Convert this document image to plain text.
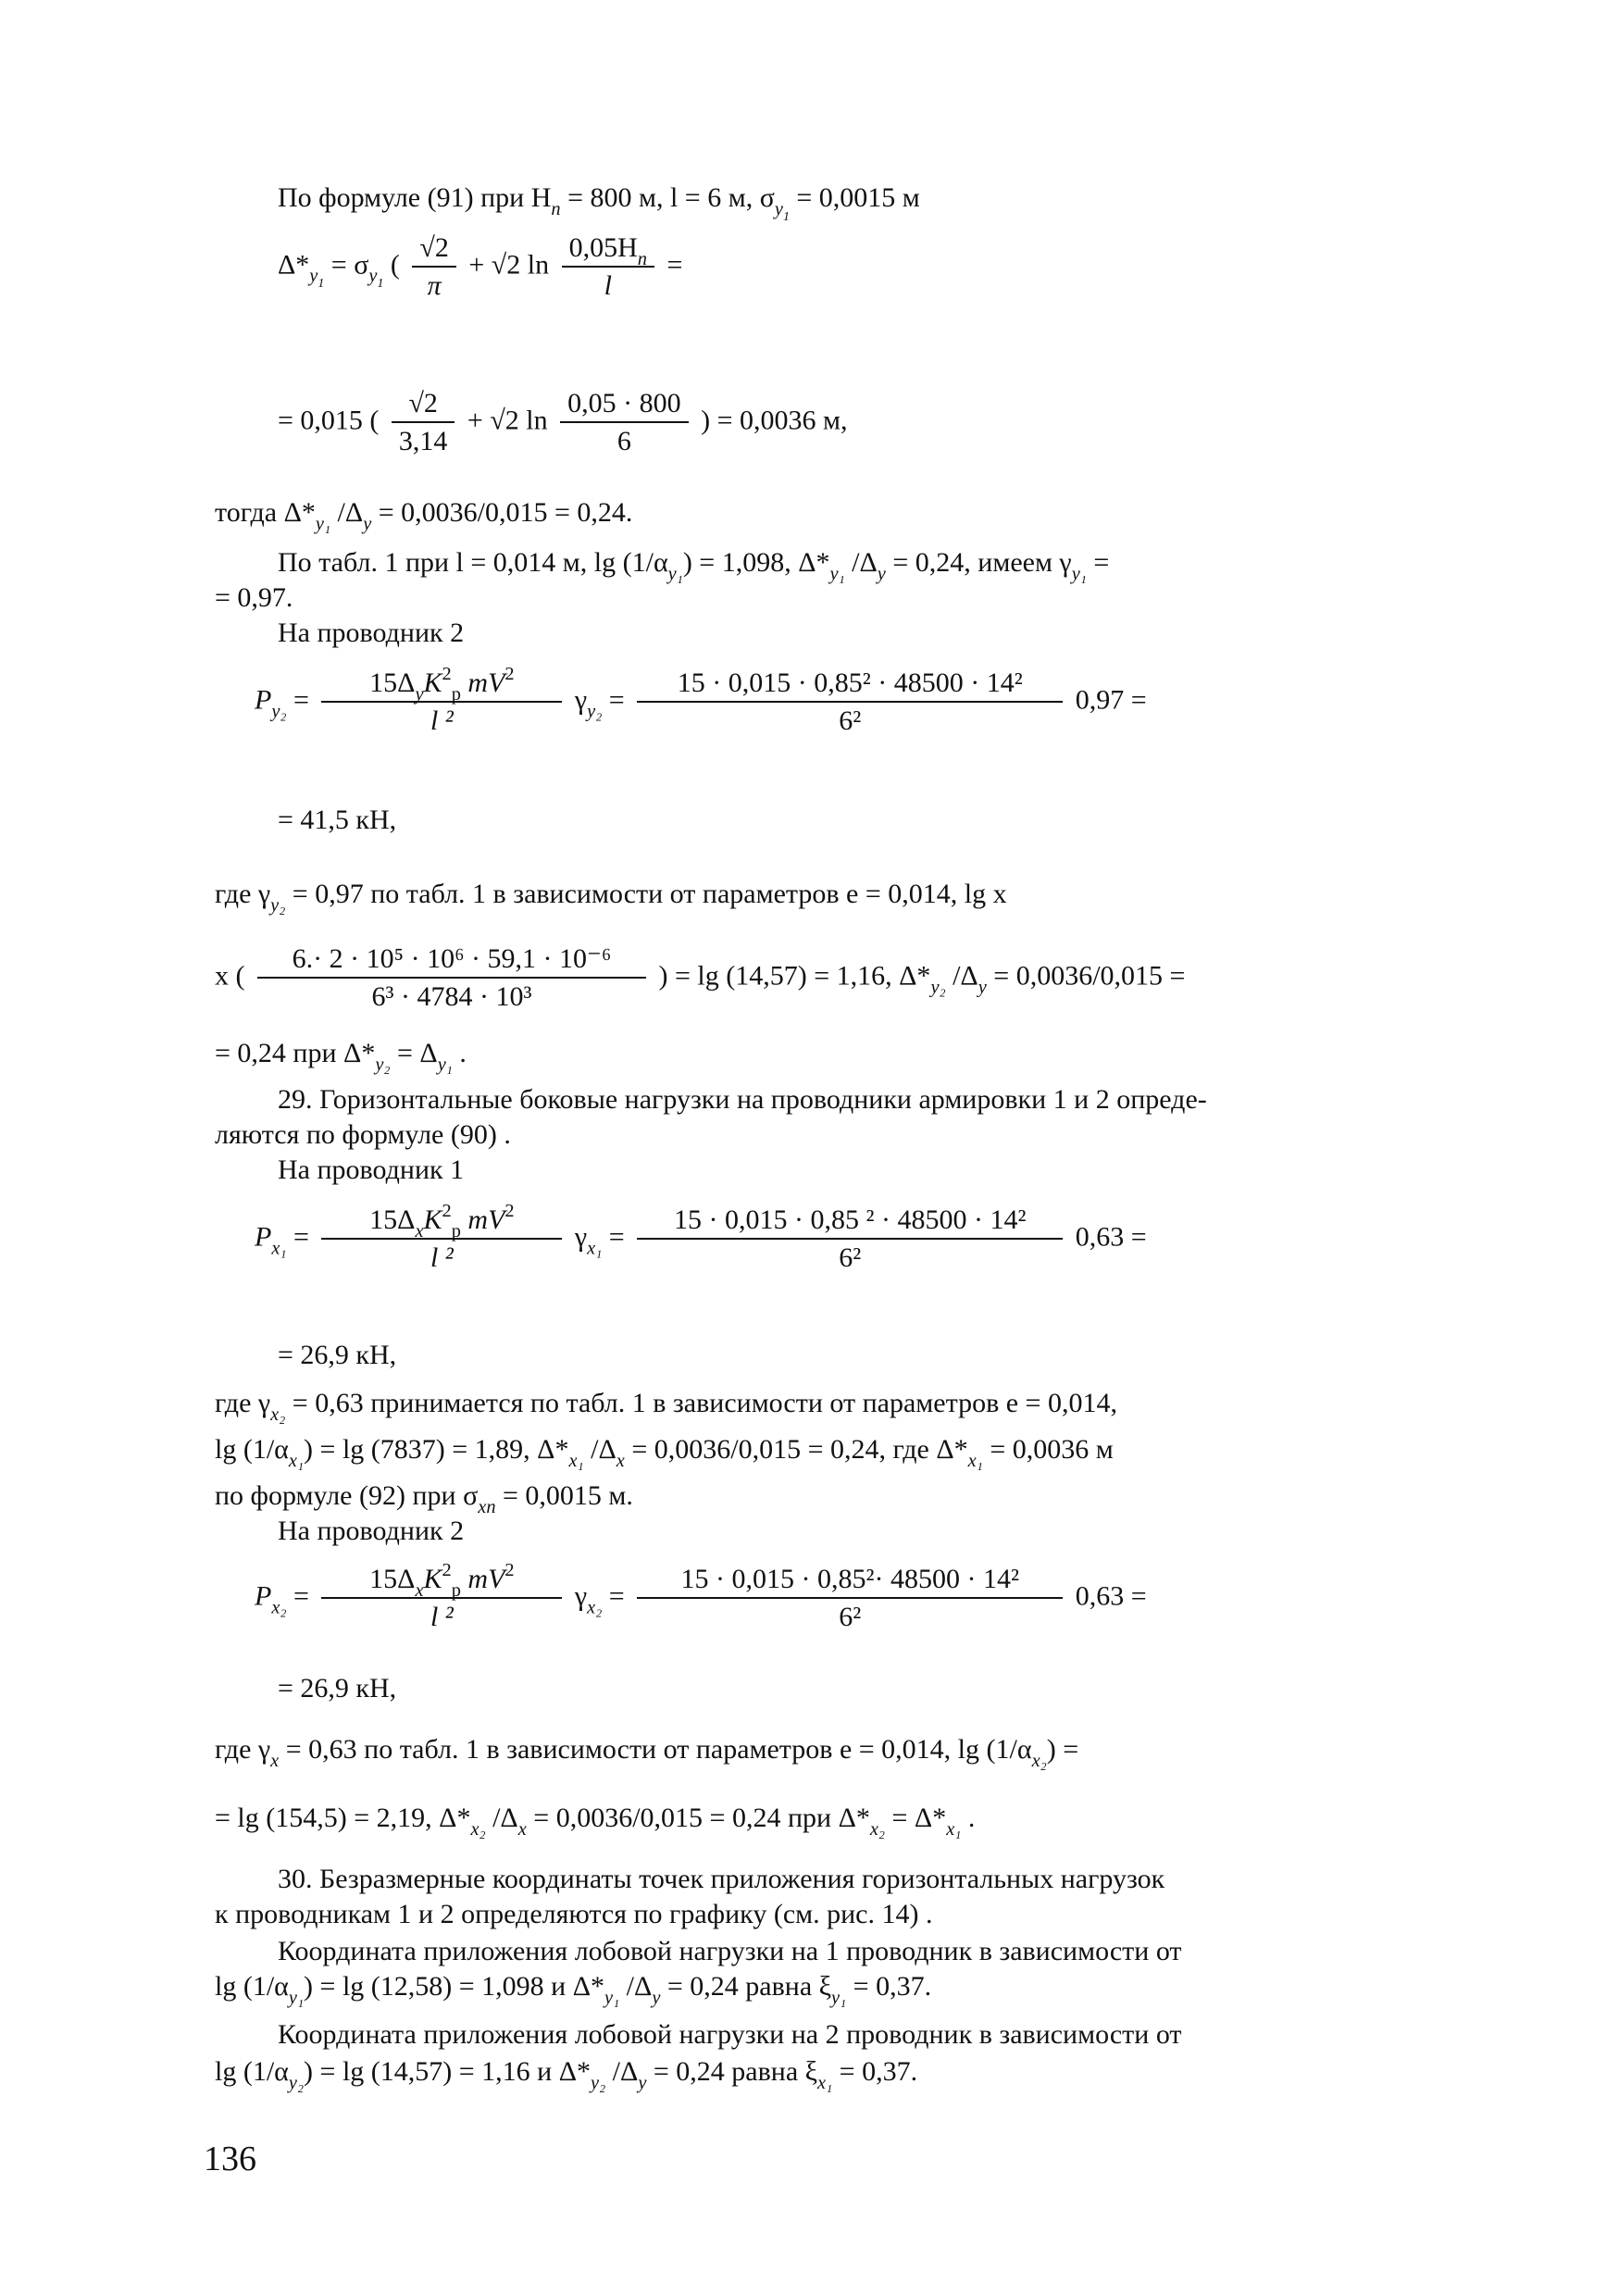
По формуле (91) при $H_n = 800$ м, l = 6 м, $\sigma_{y_1} = 0,0015$ м
$\Delta*_{y_1} = \sigma_{y_1}$ ( $\frac{√2}{\pi} + √2$ $\ln \frac{0,05H_n}{l}$ =
= 0,015 ( $\frac{√2}{3,14} + √2$ $\ln \frac{0,05 \cdot 800}{6}$ ) = 0,0036 м,
тогда $\Delta*_{y_1}$ $/\Delta_y = 0,0036/0,015 = 0,24$.
По табл. 1 при l = 0,014 м, $\lg (1/\alpha_{y_1}) = 1,098$, $\Delta*_{y_1}$ $/\Delta_y = 0,24$, имеем $\gamma_{y_1}$ =
= 0,97.
На проводник 2
$P_{y_2} = \frac{15\Delta_yK^2_p mV^2}{\text{l ²}} \gamma_{y_2} = \frac{\text{15 · 0,015 · 0,85² · 48500 · 14²}}{\text{6²}} 0,97$ =
= 41,5 кН,
где $\gamma_{y_2} = 0,97$ по табл. 1 в зависимости от параметров e = 0,014, lg x
x ( $\frac{\text{6.· 2 · 10⁵ · 10⁶ · 59,1 · 10⁻⁶}}{\text{6³ · 4784 · 10³}}$ ) = lg (14,57) = 1,16, $\Delta*_{y_2}$ $/\Delta_y = 0,0036/0,015$ =
= 0,24 при $\Delta*_{y_2} = \Delta_{y_1}$ .
29. Горизонтальные боковые нагрузки на проводники армировки 1 и 2 опреде-
ляются по формуле (90) .
На проводник 1
$P_{x_1} = \frac{15\Delta_xK^2_p mV^2}{\text{l ²}} \gamma_{x_1} = \frac{\text{15 · 0,015 · 0,85 ² · 48500 · 14²}}{\text{6²}} 0,63$ =
= 26,9 кН,
где $\gamma_{x_2} = 0,63$ принимается по табл. 1 в зависимости от параметров e = 0,014,
$\lg (1/\alpha_{x_1}) = \lg (7837) = 1,89$, $\Delta*_{x_1}$ $/\Delta_x = 0,0036/0,015 = 0,24$, где $\Delta*_{x_1} = 0,0036$ м
по формуле (92) при $\sigma_{xn} = 0,0015$ м.
На проводник 2
$P_{x_2} = \frac{15\Delta_xK^2_p mV^2}{\text{l ²}} \gamma_{x_2} = \frac{\text{15 · 0,015 · 0,85²· 48500 · 14²}}{\text{6²}} 0,63$ =
= 26,9 кН,
где $\gamma_x = 0,63$ по табл. 1 в зависимости от параметров e = 0,014, $\lg (1/\alpha_{x_2})$ =
= lg (154,5) = 2,19, $\Delta*_{x_2}$ $/\Delta_x = 0,0036/0,015 = 0,24$ при $\Delta*_{x_2} = \Delta*_{x_1}$ .
30. Безразмерные координаты точек приложения горизонтальных нагрузок
к проводникам 1 и 2 определяются по графику (см. рис. 14) .
Координата приложения лобовой нагрузки на 1 проводник в зависимости от
$\lg (1/\alpha_{y_1}) = \lg (12,58) = 1,098$ и $\Delta*_{y_1}$ $/\Delta_y = 0,24$ равна $\xi_{y_1} = 0,37$.
Координата приложения лобовой нагрузки на 2 проводник в зависимости от
$\lg (1/\alpha_{y_2}) = \lg (14,57) = 1,16$ и $\Delta*_{y_2}$ $/\Delta_y = 0,24$ равна $\xi_{x_1} = 0,37$.
136
